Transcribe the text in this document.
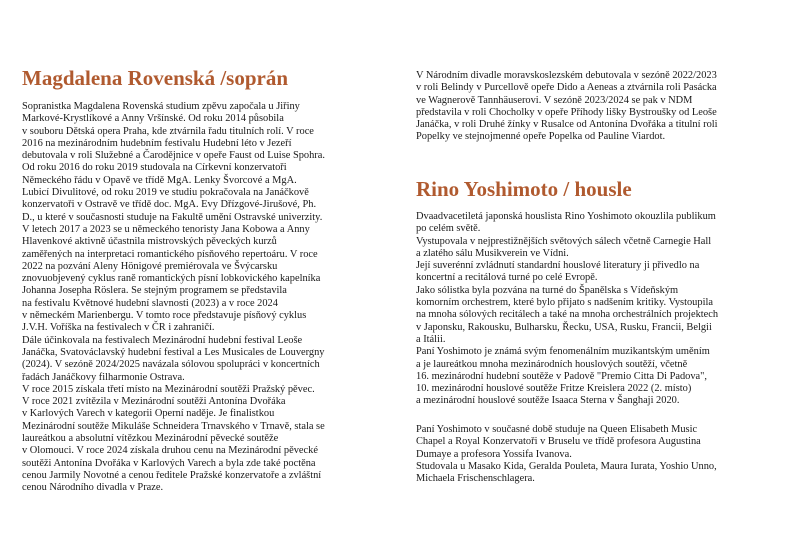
Magdalena Rovenská /soprán

Sopranistka Magdalena Rovenská studium zpěvu započala u Jiřiny

Markové-Krystlíkové a Anny Vršínské. Od roku 2014 působila

v souboru Dětská opera Praha, kde ztvárnila řadu titulních rolí. V roce

2016 na mezinárodním hudebním festivalu Hudební léto v Jezeří

debutovala v roli Služebné a Čarodějnice v opeře Faust od Luise Spohra.

Od roku 2016 do roku 2019 studovala na Církevní konzervatoři

Německého řádu v Opavě ve třídě MgA. Lenky Švorcové a MgA.

Lubicí Divulitové, od roku 2019 ve studiu pokračovala na Janáčkově

konzervatoři v Ostravě ve třídě doc. MgA. Evy Dřízgové-Jirušové, Ph.

D., u které v současnosti studuje na Fakultě umění Ostravské univerzity.

V letech 2017 a 2023 se u německého tenoristy Jana Kobowa a Anny

Hlavenkové aktivně účastnila mistrovských pěveckých kurzů

zaměřených na interpretaci romantického písňového repertoáru. V roce

2022 na pozvání Aleny Hönigové premiérovala ve Švýcarsku

znovuobjevený cyklus raně romantických písní lobkovického kapelníka

Johanna Josepha Röslera. Se stejným programem se představila

na festivalu Květnové hudební slavnosti (2023) a v roce 2024

v německém Marienbergu. V tomto roce představuje písňový cyklus

J.V.H. Voříška na festivalech v ČR i zahraničí.

Dále účinkovala na festivalech Mezinárodní hudební festival Leoše

Janáčka, Svatováclavský hudební festival a Les Musicales de Louvergny

(2024). V sezóně 2024/2025 navázala sólovou spolupráci v koncertních

řadách Janáčkovy filharmonie Ostrava.

V roce 2015 získala třetí místo na Mezinárodní soutěži Pražský pěvec.

V roce 2021 zvítězila v Mezinárodní soutěži Antonína Dvořáka

v Karlových Varech v kategorii Operní naděje. Je finalistkou

Mezinárodní soutěže Mikuláše Schneidera Trnavského v Trnavě, stala se

laureátkou a absolutní vítězkou Mezinárodní pěvecké soutěže

v Olomouci. V roce 2024 získala druhou cenu na Mezinárodní pěvecké

soutěži Antonína Dvořáka v Karlových Varech a byla zde také poctěna

cenou Jarmily Novotné a cenou ředitele Pražské konzervatoře a zvláštní

cenou Národního divadla v Praze.

V Národním divadle moravskoslezském debutovala v sezóně 2022/2023

v roli Belindy v Purcellově opeře Dido a Aeneas a ztvárnila roli Pasácka

ve Wagnerově Tannhäuserovi. V sezóně 2023/2024 se pak v NDM

představila v roli Chocholky v opeře Příhody lišky Bystroušky od Leoše

Janáčka, v roli Druhé žínky v Rusalce od Antonína Dvořáka a titulní roli

Popelky ve stejnojmenné opeře Popelka od Pauline Viardot.

Rino Yoshimoto / housle

Dvaadvacetiletá japonská houslista Rino Yoshimoto okouzlila publikum

po celém světě.

Vystupovala v nejprestižnějších světových sálech včetně Carnegie Hall

a zlatého sálu Musikverein ve Vídni.

Její suverénní zvládnutí standardní houslové literatury ji přivedlo na

koncertní a recitálová turné po celé Evropě.

Jako sólistka byla pozvána na turné do Španělska s Vídeňským

komorním orchestrem, které bylo přijato s nadšením kritiky. Vystoupila

na mnoha sólových recitálech a také na mnoha orchestrálních projektech

v Japonsku, Rakousku, Bulharsku, Řecku, USA, Rusku, Francii, Belgii

a Itálii.

Paní Yoshimoto je známá svým fenomenálním muzikantským uměním

a je laureátkou mnoha mezinárodních houslových soutěží, včetně

16. mezinárodní hudební soutěže v Padově "Premio Citta Di Padova",

10. mezinárodní houslové soutěže Fritze Kreislera 2022 (2. místo)

a mezinárodní houslové soutěže Isaaca Sterna v Šanghaji 2020.

Paní Yoshimoto v současné době studuje na Queen Elisabeth Music

Chapel a Royal Konzervatoři v Bruselu ve třídě profesora Augustina

Dumaye a profesora Yossifa Ivanova.

Studovala u Masako Kida, Geralda Pouleta, Maura Iurata, Yoshio Unno,

Michaela Frischenschlagera.
